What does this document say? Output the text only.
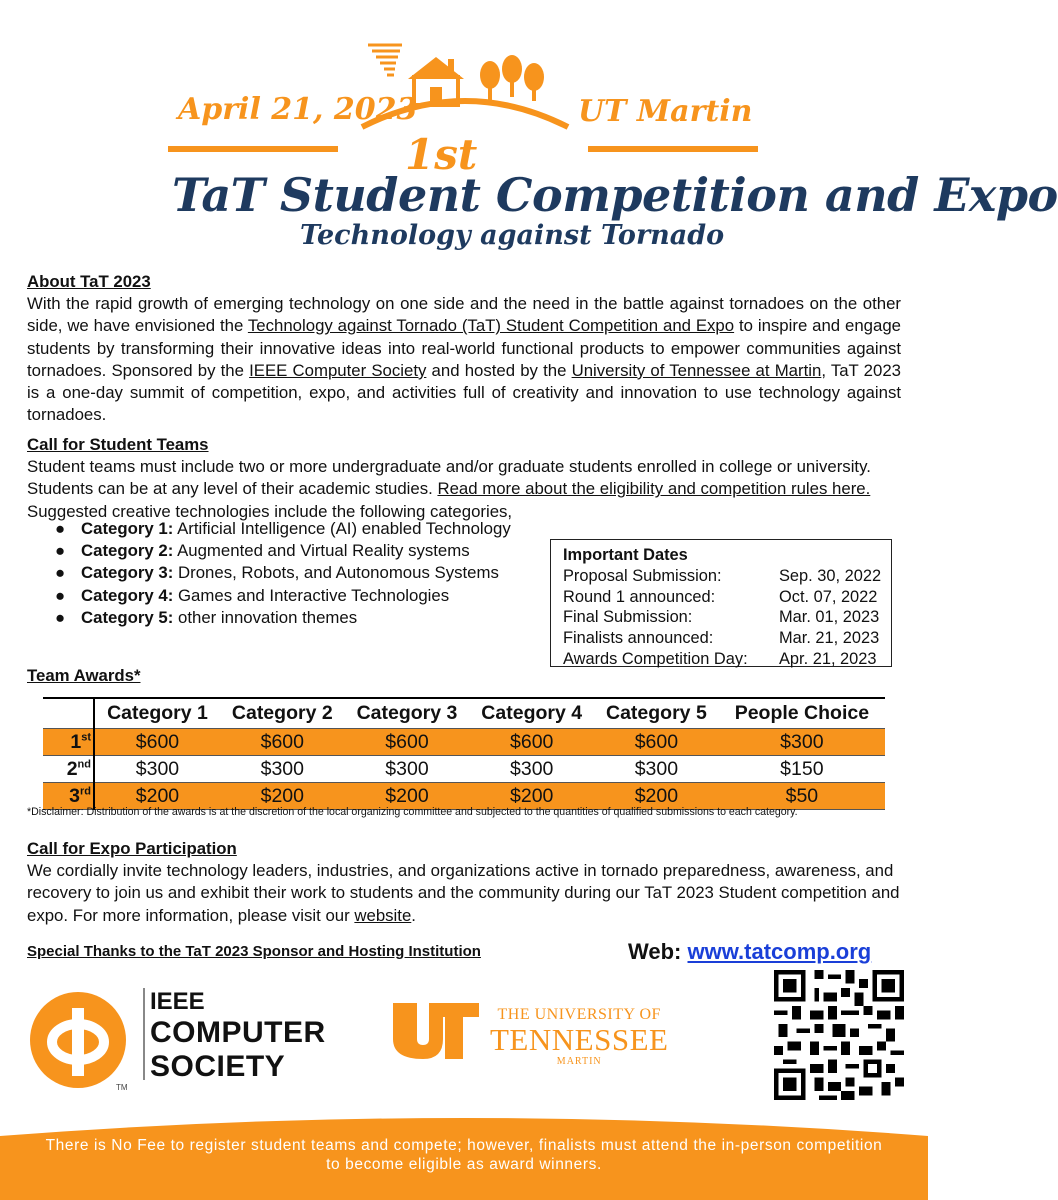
April 21, 2023	UT Martin
1st
TaT Student Competition and Expo
Technology against Tornado
About TaT 2023

With the rapid growth of emerging technology on one side and the need in the battle against tornadoes on the other side, we have envisioned the Technology against Tornado (TaT) Student Competition and Expo to inspire and engage students by transforming their innovative ideas into real-world functional products to empower communities against tornadoes. Sponsored by the IEEE Computer Society and hosted by the University of Tennessee at Martin, TaT 2023 is a one-day summit of competition, expo, and activities full of creativity and innovation to use technology against tornadoes.

Call for Student Teams

Student teams must include two or more undergraduate and/or graduate students enrolled in college or university. Students can be at any level of their academic studies. Read more about the eligibility and competition rules here. Suggested creative technologies include the following categories,

● Category 1: Artificial Intelligence (AI) enabled Technology
● Category 2: Augmented and Virtual Reality systems
● Category 3: Drones, Robots, and Autonomous Systems
● Category 4: Games and Interactive Technologies
● Category 5: other innovation themes
Important Dates
Proposal Submission:	Sep. 30, 2022
Round 1 announced:	Oct. 07, 2022
Final Submission:	Mar. 01, 2023
Finalists announced:	Mar. 21, 2023
Awards Competition Day:	Apr. 21, 2023
Team Awards*
	Category 1	Category 2	Category 3	Category 4	Category 5	People Choice
1st	$600	$600	$600	$600	$600	$300
2nd	$300	$300	$300	$300	$300	$150
3rd	$200	$200	$200	$200	$200	$50
*Disclaimer: Distribution of the awards is at the discretion of the local organizing committee and subjected to the quantities of qualified submissions to each category.
Call for Expo Participation

We cordially invite technology leaders, industries, and organizations active in tornado preparedness, awareness, and recovery to join us and exhibit their work to students and the community during our TaT 2023 Student competition and expo. For more information, please visit our website.

Special Thanks to the TaT 2023 Sponsor and Hosting Institution	Web: www.tatcomp.org
TM
IEEE
COMPUTER
SOCIETY
THE UNIVERSITY OF
TENNESSEE
MARTIN
There is No Fee to register student teams and compete; however, finalists must attend the in-person competition to become eligible as award winners.
